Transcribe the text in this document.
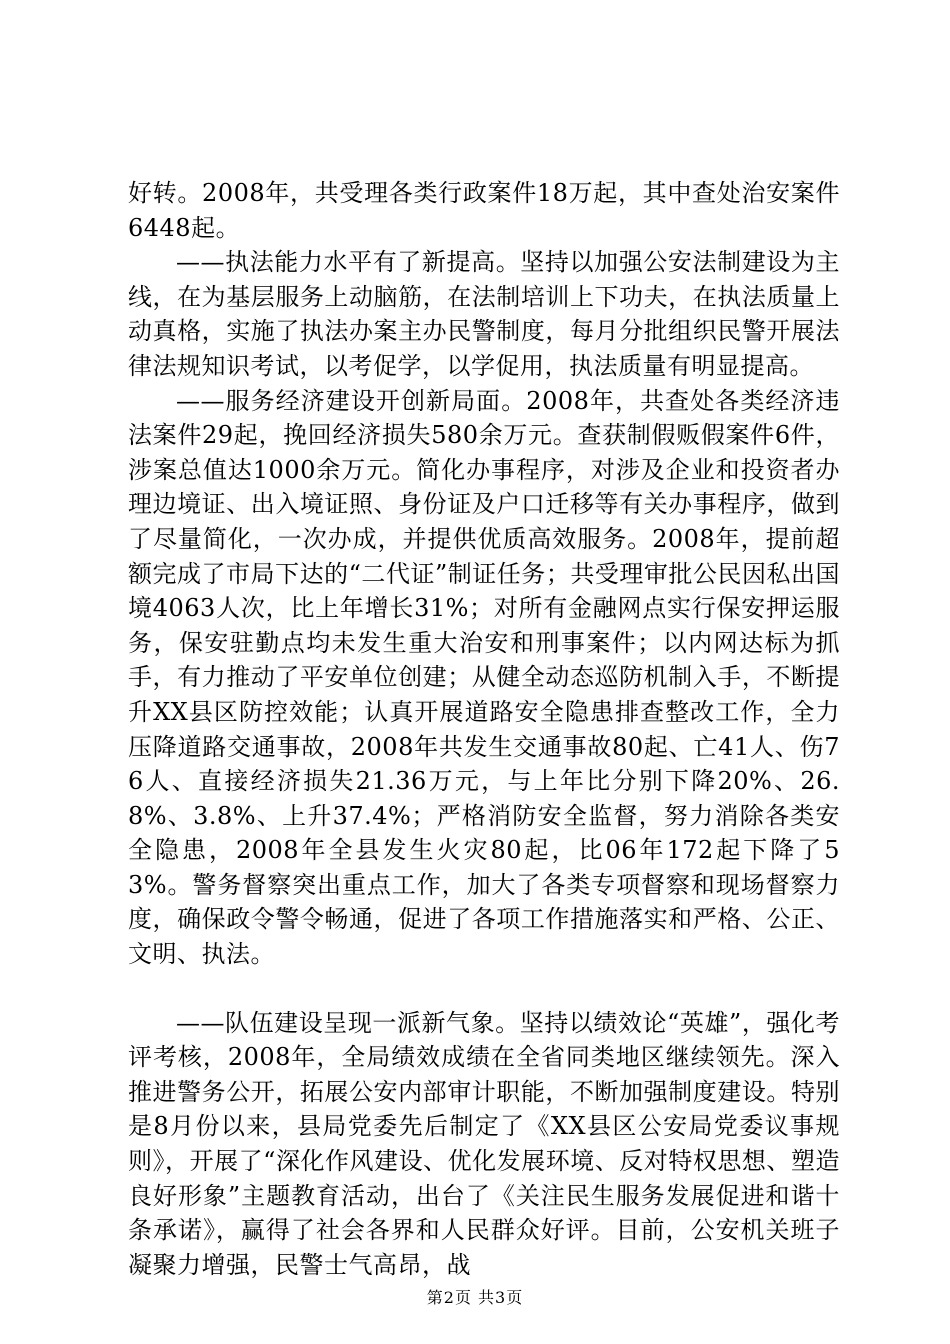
好转。2008年，共受理各类行政案件18万起，其中查处治安案件6448起。

——执法能力水平有了新提高。坚持以加强公安法制建设为主线，在为基层服务上动脑筋，在法制培训上下功夫，在执法质量上动真格，实施了执法办案主办民警制度，每月分批组织民警开展法律法规知识考试，以考促学，以学促用，执法质量有明显提高。

——服务经济建设开创新局面。2008年，共查处各类经济违法案件29起，挽回经济损失580余万元。查获制假贩假案件6件，涉案总值达1000余万元。简化办事程序，对涉及企业和投资者办理边境证、出入境证照、身份证及户口迁移等有关办事程序，做到了尽量简化，一次办成，并提供优质高效服务。2008年，提前超额完成了市局下达的“二代证”制证任务；共受理审批公民因私出国境4063人次，比上年增长31%；对所有金融网点实行保安押运服务，保安驻勤点均未发生重大治安和刑事案件；以内网达标为抓手，有力推动了平安单位创建；从健全动态巡防机制入手，不断提升XX县区防控效能；认真开展道路安全隐患排查整改工作，全力压降道路交通事故，2008年共发生交通事故80起、亡41人、伤76人、直接经济损失21.36万元，与上年比分别下降20%、26.8%、3.8%、上升37.4%；严格消防安全监督，努力消除各类安全隐患，2008年全县发生火灾80起，比06年172起下降了53%。警务督察突出重点工作，加大了各类专项督察和现场督察力度，确保政令警令畅通，促进了各项工作措施落实和严格、公正、文明、执法。

——队伍建设呈现一派新气象。坚持以绩效论“英雄”，强化考评考核，2008年，全局绩效成绩在全省同类地区继续领先。深入推进警务公开，拓展公安内部审计职能，不断加强制度建设。特别是8月份以来，县局党委先后制定了《XX县区公安局党委议事规则》，开展了“深化作风建设、优化发展环境、反对特权思想、塑造良好形象”主题教育活动，出台了《关注民生服务发展促进和谐十条承诺》，赢得了社会各界和人民群众好评。目前，公安机关班子凝聚力增强，民警士气高昂，战

第2页 共3页
